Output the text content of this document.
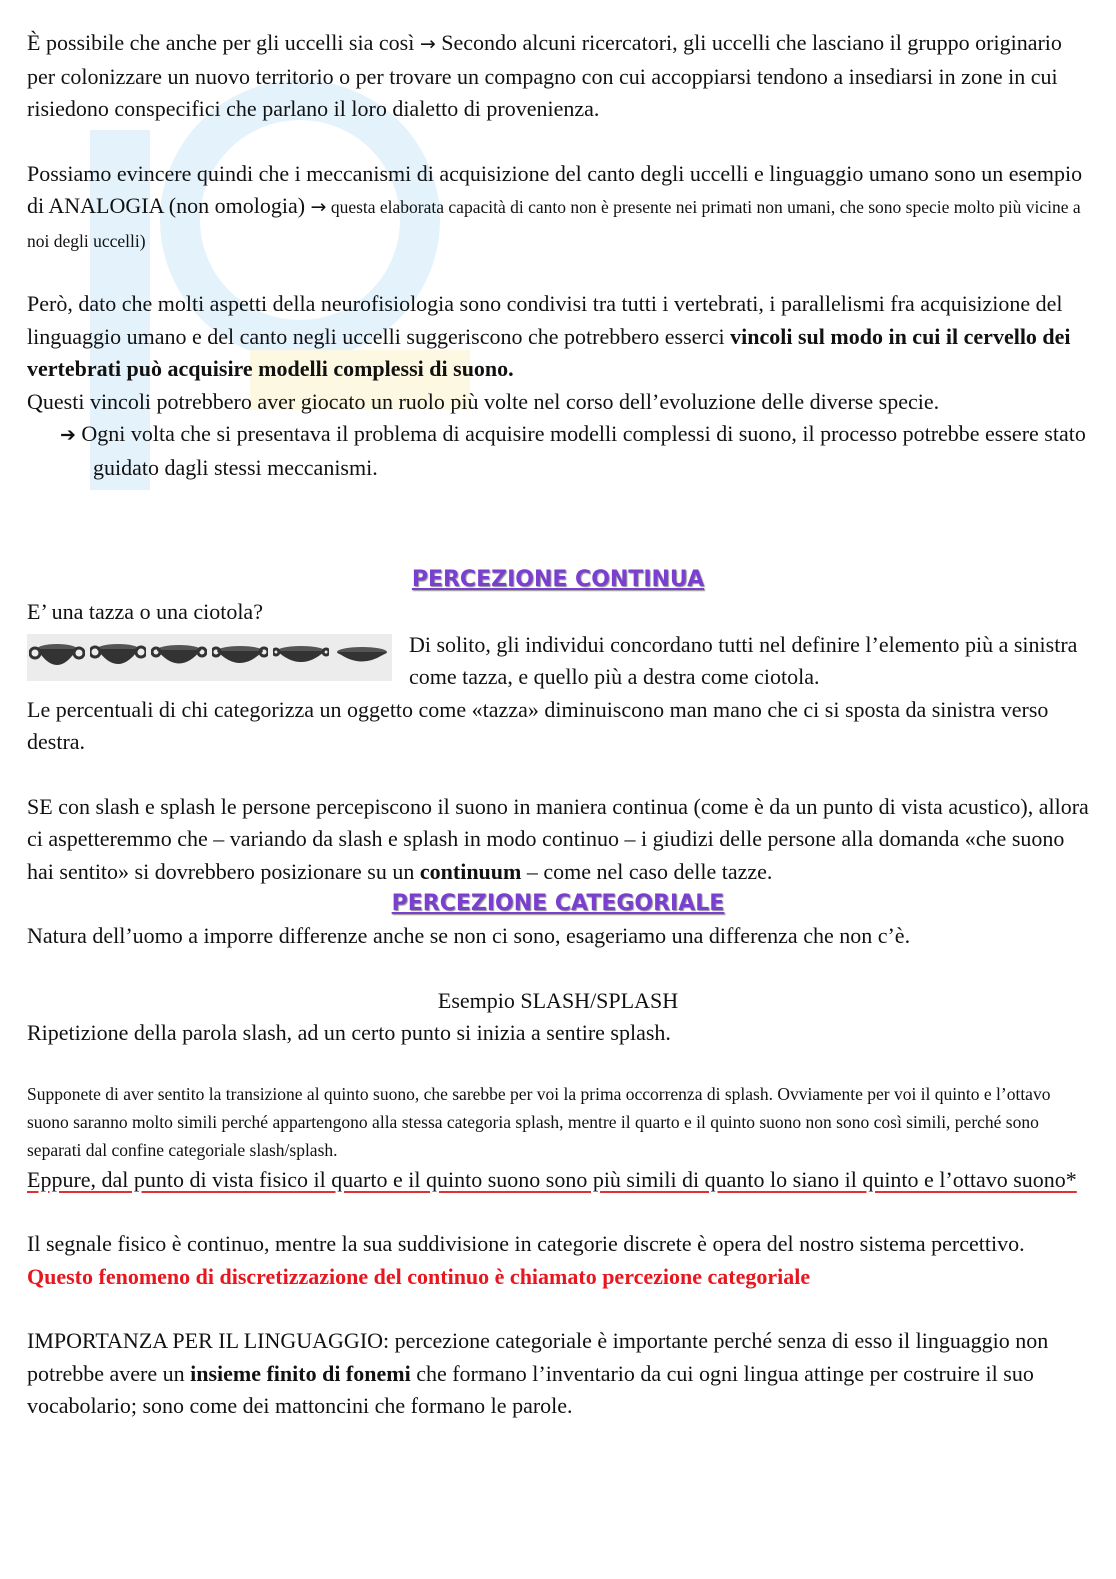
È possibile che anche per gli uccelli sia così → Secondo alcuni ricercatori, gli uccelli che lasciano il gruppo originario per colonizzare un nuovo territorio o per trovare un compagno con cui accoppiarsi tendono a insediarsi in zone in cui risiedono conspecifici che parlano il loro dialetto di provenienza.

Possiamo evincere quindi che i meccanismi di acquisizione del canto degli uccelli e linguaggio umano sono un esempio di ANALOGIA (non omologia) → questa elaborata capacità di canto non è presente nei primati non umani, che sono specie molto più vicine a noi degli uccelli)

Però, dato che molti aspetti della neurofisiologia sono condivisi tra tutti i vertebrati, i parallelismi fra acquisizione del linguaggio umano e del canto negli uccelli suggeriscono che potrebbero esserci vincoli sul modo in cui il cervello dei vertebrati può acquisire modelli complessi di suono.
Questi vincoli potrebbero aver giocato un ruolo più volte nel corso dell’evoluzione delle diverse specie.

➔ Ogni volta che si presentava il problema di acquisire modelli complessi di suono, il processo potrebbe essere stato guidato dagli stessi meccanismi.

PERCEZIONE CONTINUA

E’ una tazza o una ciotola?

Di solito, gli individui concordano tutti nel definire l’elemento più a sinistra come tazza, e quello più a destra come ciotola.

Le percentuali di chi categorizza un oggetto come «tazza» diminuiscono man mano che ci si sposta da sinistra verso destra.

SE con slash e splash le persone percepiscono il suono in maniera continua (come è da un punto di vista acustico), allora ci aspetteremmo che – variando da slash e splash in modo continuo – i giudizi delle persone alla domanda «che suono hai sentito» si dovrebbero posizionare su un continuum – come nel caso delle tazze.

PERCEZIONE CATEGORIALE

Natura dell’uomo a imporre differenze anche se non ci sono, esageriamo una differenza che non c’è.

Esempio SLASH/SPLASH

Ripetizione della parola slash, ad un certo punto si inizia a sentire splash.

Supponete di aver sentito la transizione al quinto suono, che sarebbe per voi la prima occorrenza di splash. Ovviamente per voi il quinto e l’ottavo suono saranno molto simili perché appartengono alla stessa categoria splash, mentre il quarto e il quinto suono non sono così simili, perché sono separati dal confine categoriale slash/splash.

Eppure, dal punto di vista fisico il quarto e il quinto suono sono più simili di quanto lo siano il quinto e l’ottavo suono*

Il segnale fisico è continuo, mentre la sua suddivisione in categorie discrete è opera del nostro sistema percettivo. Questo fenomeno di discretizzazione del continuo è chiamato percezione categoriale

IMPORTANZA PER IL LINGUAGGIO: percezione categoriale è importante perché senza di esso il linguaggio non potrebbe avere un insieme finito di fonemi che formano l’inventario da cui ogni lingua attinge per costruire il suo vocabolario; sono come dei mattoncini che formano le parole.
